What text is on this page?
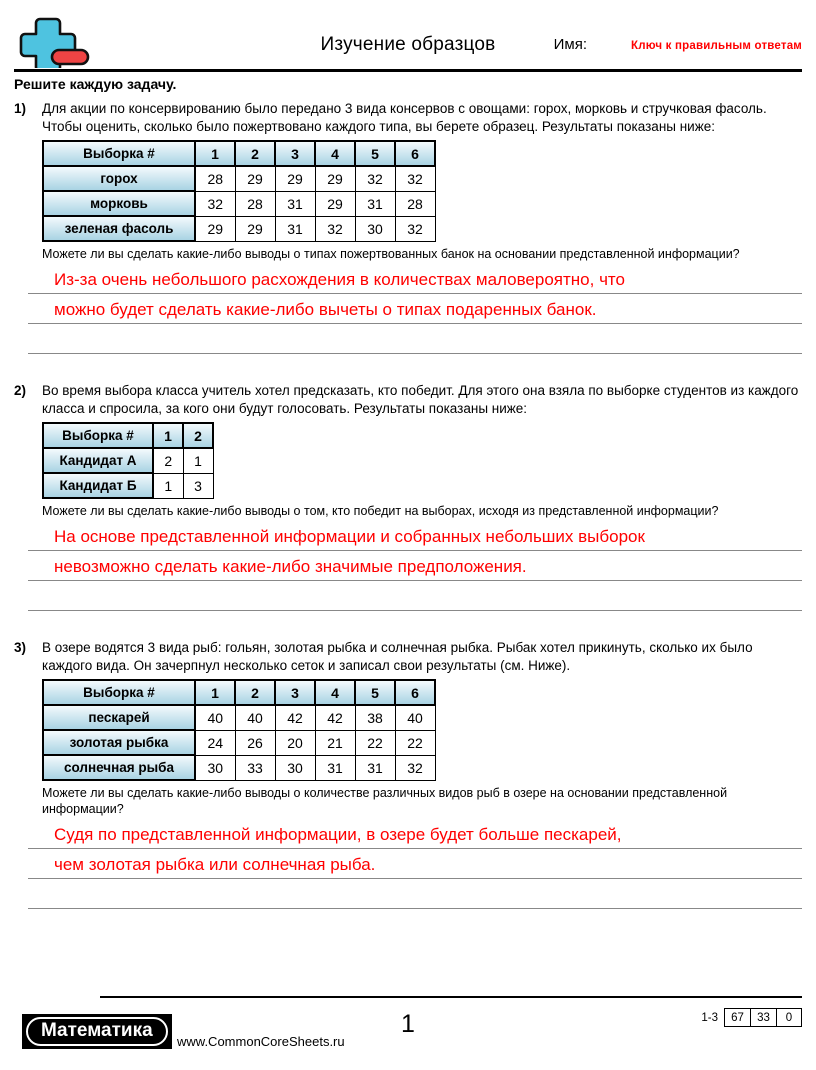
Изучение образцов	Имя:	Ключ к правильным ответам
Решите каждую задачу.
1)	Для акции по консервированию было передано 3 вида консервов с овощами: горох, морковь и стручковая фасоль. Чтобы оценить, сколько было пожертвовано каждого типа, вы берете образец. Результаты показаны ниже:

Выборка #	1	2	3	4	5	6
горох	28	29	29	29	32	32
морковь	32	28	31	29	31	28
зеленая фасоль	29	29	31	32	30	32

Можете ли вы сделать какие-либо выводы о типах пожертвованных банок на основании представленной информации?

Из-за очень небольшого расхождения в количествах маловероятно, что
можно будет сделать какие-либо вычеты о типах подаренных банок.
2)	Во время выбора класса учитель хотел предсказать, кто победит. Для этого она взяла по выборке студентов из каждого класса и спросила, за кого они будут голосовать. Результаты показаны ниже:

Выборка #	1	2
Кандидат А	2	1
Кандидат Б	1	3

Можете ли вы сделать какие-либо выводы о том, кто победит на выборах, исходя из представленной информации?

На основе представленной информации и собранных небольших выборок
невозможно сделать какие-либо значимые предположения.
3)	В озере водятся 3 вида рыб: гольян, золотая рыбка и солнечная рыбка. Рыбак хотел прикинуть, сколько их было каждого вида. Он зачерпнул несколько сеток и записал свои результаты (см. Ниже).

Выборка #	1	2	3	4	5	6
пескарей	40	40	42	42	38	40
золотая рыбка	24	26	20	21	22	22
солнечная рыба	30	33	30	31	31	32

Можете ли вы сделать какие-либо выводы о количестве различных видов рыб в озере на основании представленной информации?

Судя по представленной информации, в озере будет больше пескарей,
чем золотая рыбка или солнечная рыба.
Математика
www.CommonCoreSheets.ru
1	1-3	67	33	0
